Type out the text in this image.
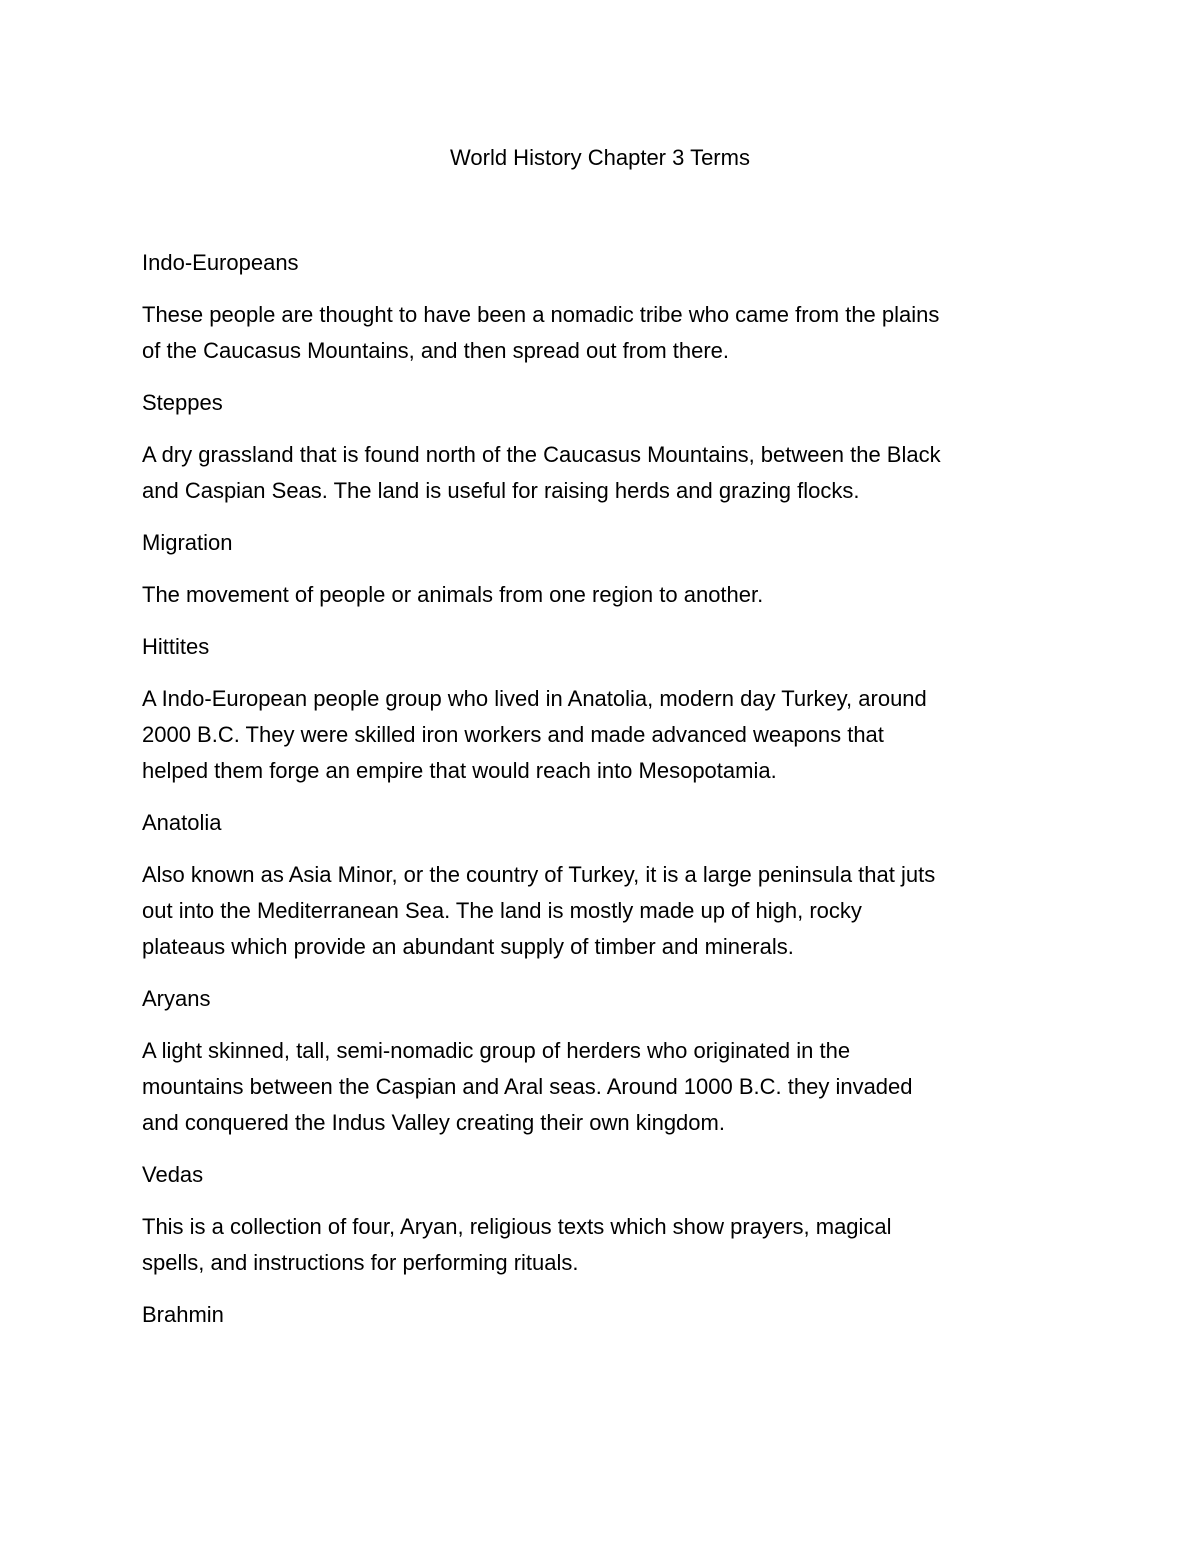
World History Chapter 3 Terms
Indo-Europeans
These people are thought to have been a nomadic tribe who came from the plains
of the Caucasus Mountains, and then spread out from there.
Steppes
A dry grassland that is found north of the Caucasus Mountains, between the Black
and Caspian Seas. The land is useful for raising herds and grazing flocks.
Migration
The movement of people or animals from one region to another.
Hittites
A Indo-European people group who lived in Anatolia, modern day Turkey, around
2000 B.C. They were skilled iron workers and made advanced weapons that
helped them forge an empire that would reach into Mesopotamia.
Anatolia
Also known as Asia Minor, or the country of Turkey, it is a large peninsula that juts
out into the Mediterranean Sea. The land is mostly made up of high, rocky
plateaus which provide an abundant supply of timber and minerals.
Aryans
A light skinned, tall, semi-nomadic group of herders who originated in the
mountains between the Caspian and Aral seas. Around 1000 B.C. they invaded
and conquered the Indus Valley creating their own kingdom.
Vedas
This is a collection of four, Aryan, religious texts which show prayers, magical
spells, and instructions for performing rituals.
Brahmin
